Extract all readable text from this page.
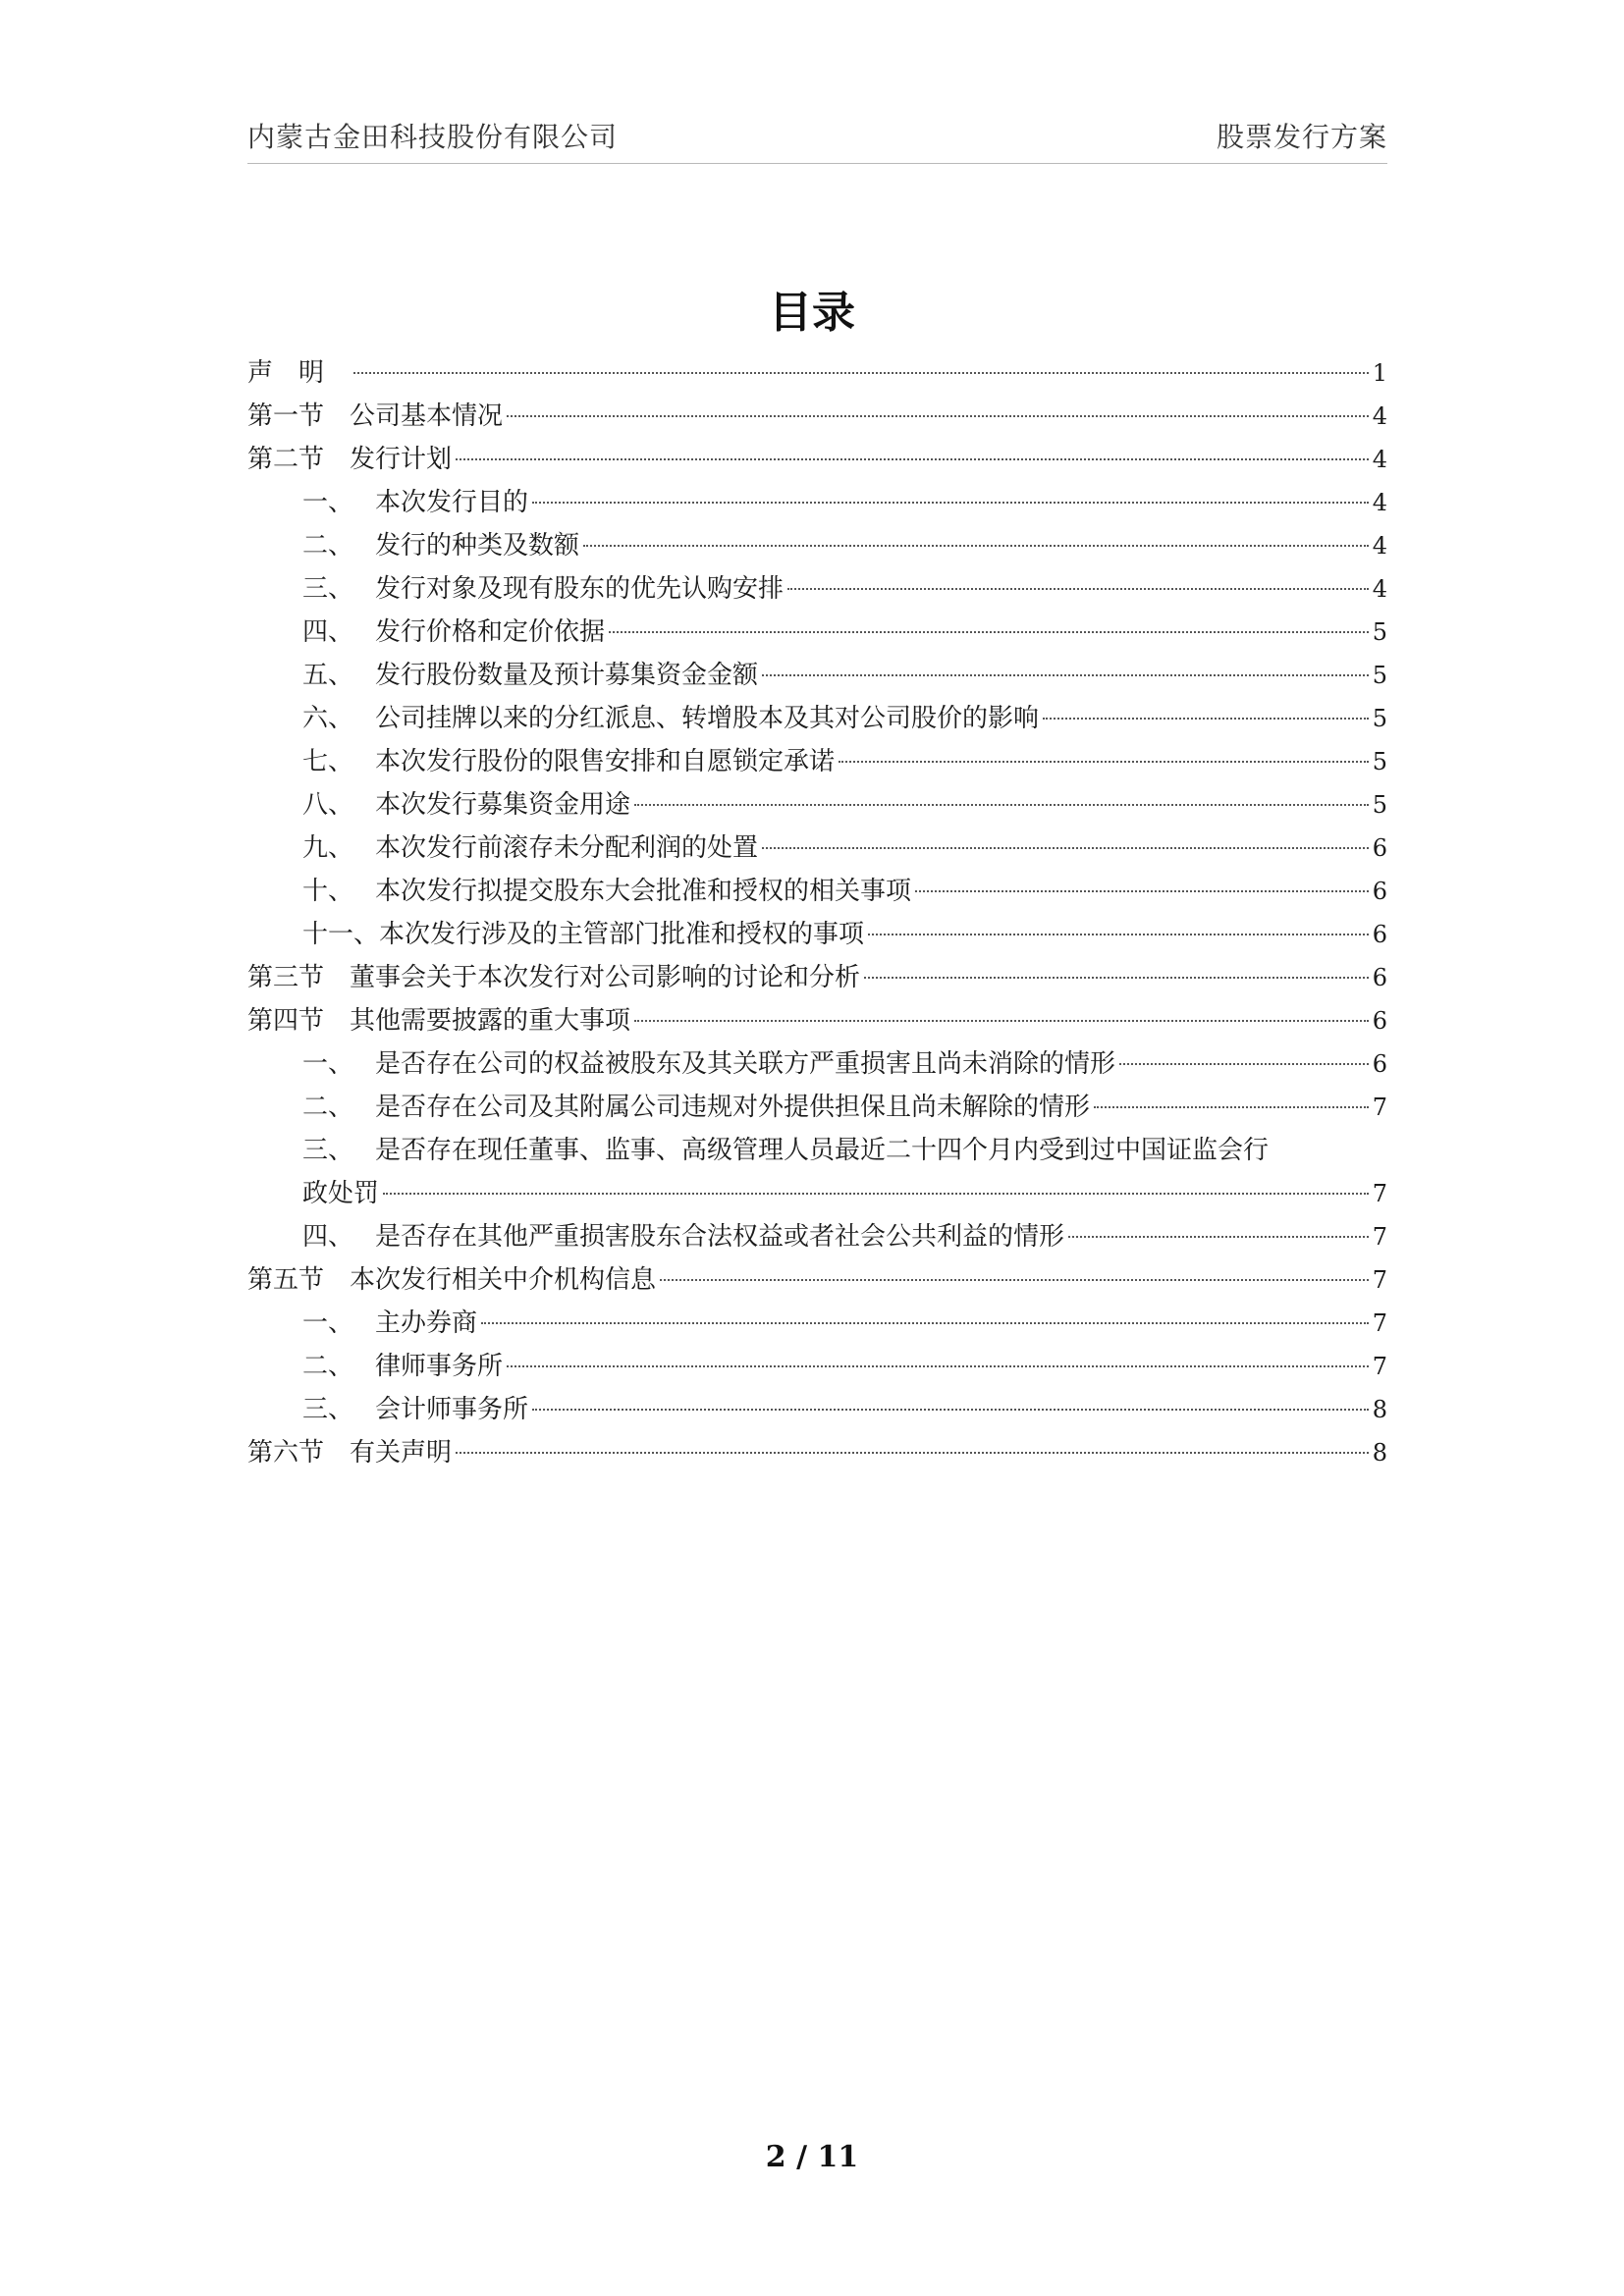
内蒙古金田科技股份有限公司	股票发行方案
目录
声　明	1
第一节 公司基本情况	4
第二节 发行计划	4
一、 本次发行目的	4
二、 发行的种类及数额	4
三、 发行对象及现有股东的优先认购安排	4
四、 发行价格和定价依据	5
五、 发行股份数量及预计募集资金金额	5
六、 公司挂牌以来的分红派息、转增股本及其对公司股价的影响	5
七、 本次发行股份的限售安排和自愿锁定承诺	5
八、 本次发行募集资金用途	5
九、 本次发行前滚存未分配利润的处置	6
十、 本次发行拟提交股东大会批准和授权的相关事项	6
十一、 本次发行涉及的主管部门批准和授权的事项	6
第三节 董事会关于本次发行对公司影响的讨论和分析	6
第四节 其他需要披露的重大事项	6
一、 是否存在公司的权益被股东及其关联方严重损害且尚未消除的情形	6
二、 是否存在公司及其附属公司违规对外提供担保且尚未解除的情形	7
三、 是否存在现任董事、监事、高级管理人员最近二十四个月内受到过中国证监会行
政处罚	7
四、 是否存在其他严重损害股东合法权益或者社会公共利益的情形	7
第五节 本次发行相关中介机构信息	7
一、 主办券商	7
二、 律师事务所	7
三、 会计师事务所	8
第六节 有关声明	8
2 / 11
